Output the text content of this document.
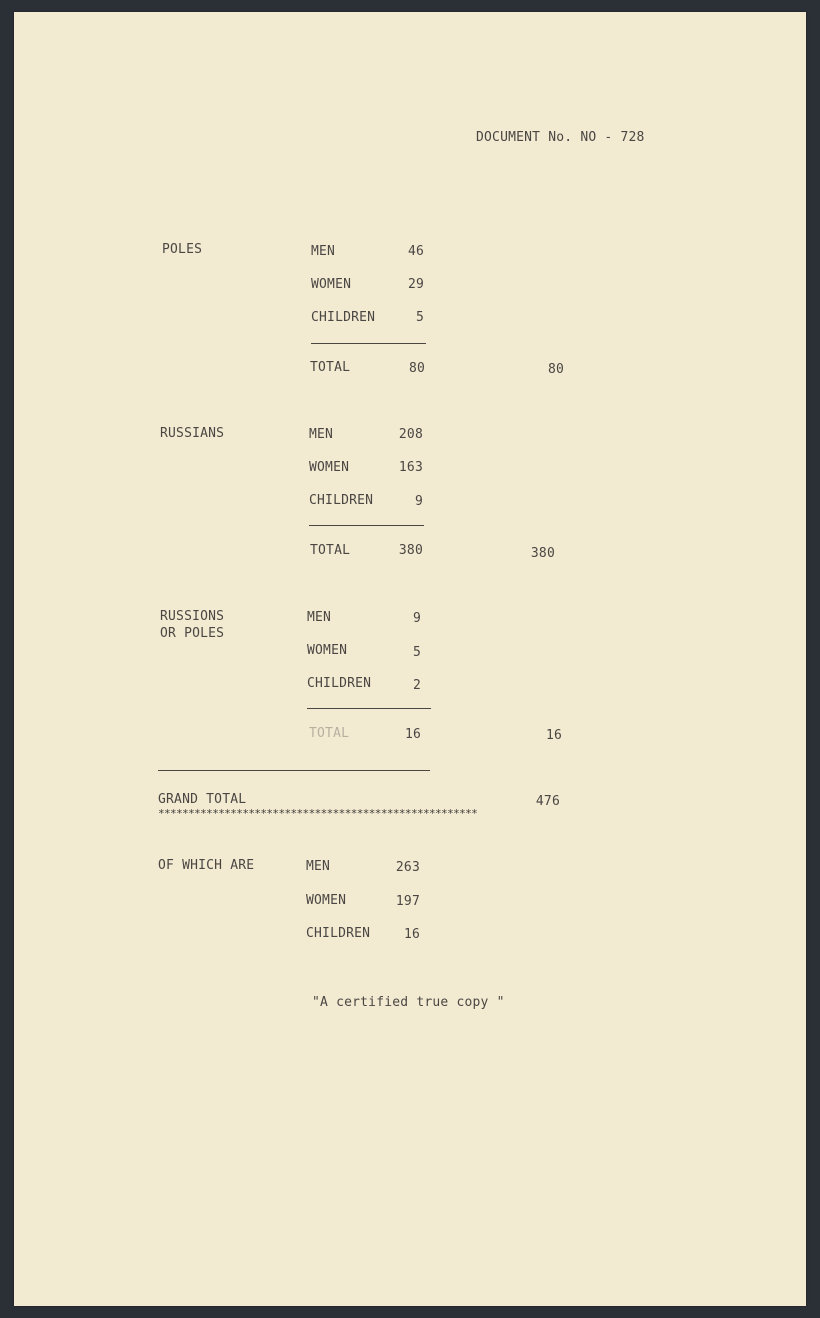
DOCUMENT No. NO - 728
POLES	MEN	46
WOMEN	29
CHILDREN	5
TOTAL	80	80
RUSSIANS	MEN	208
WOMEN	163
CHILDREN	9
TOTAL	380	380
RUSSIONS
OR POLES
MEN	9
WOMEN	5
CHILDREN	2
TOTAL	16	16
GRAND TOTAL	476
*****************************************************
OF WHICH ARE	MEN	263
WOMEN	197
CHILDREN	16
"A certified true copy "
